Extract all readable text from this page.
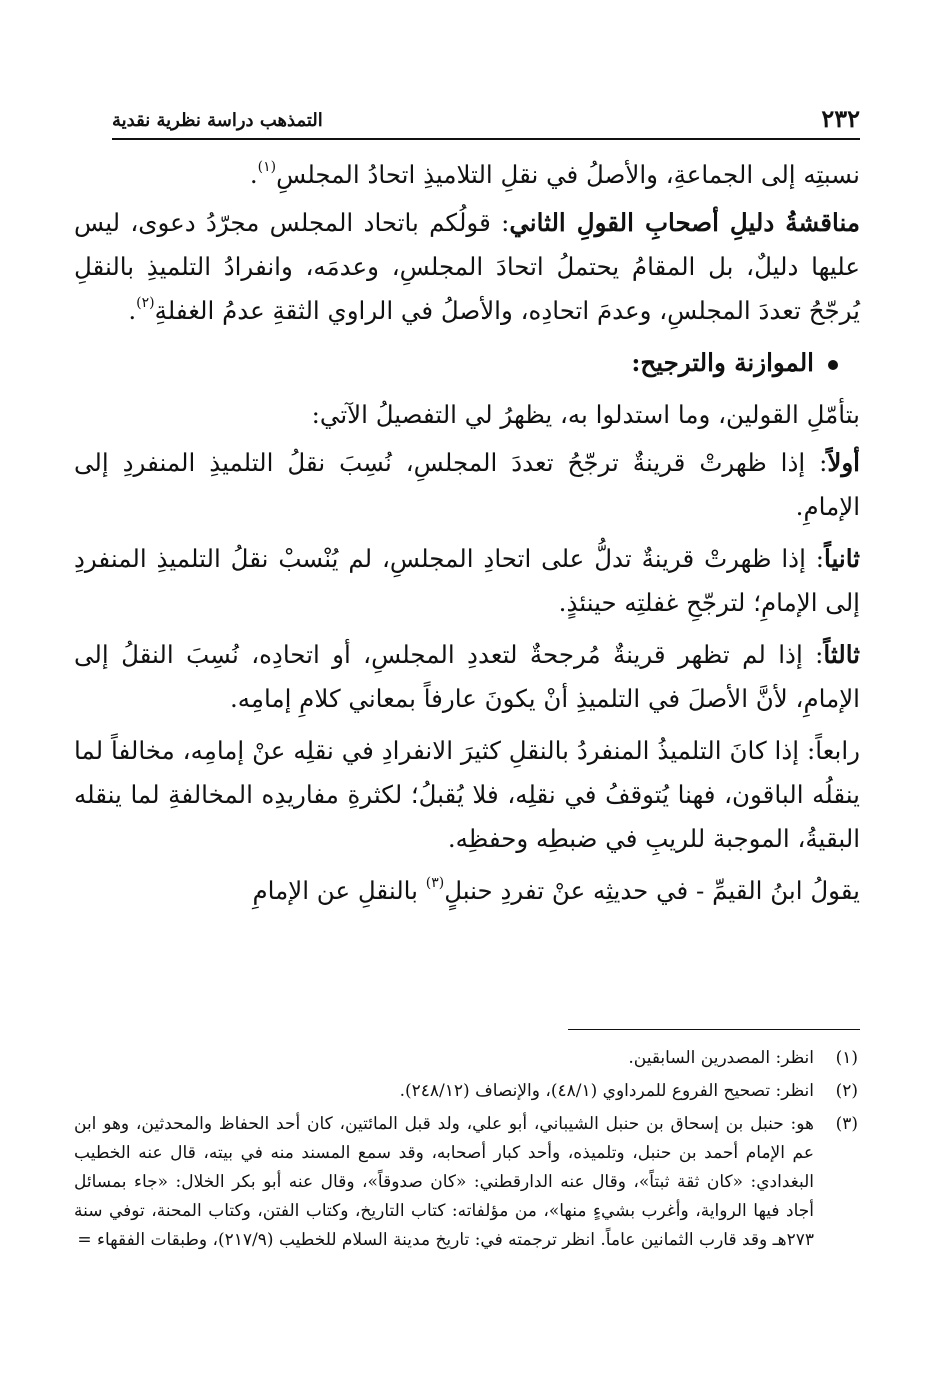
٢٣٢
التمذهب دراسة نظرية نقدية

نسبتِه إلى الجماعةِ، والأصلُ في نقلِ التلاميذِ اتحادُ المجلسِ$^{(١)}$.

مناقشةُ دليلِ أصحابِ القولِ الثاني: قولُكم باتحاد المجلس مجرّدُ دعوى، ليس عليها دليلٌ، بل المقامُ يحتملُ اتحادَ المجلسِ، وعدمَه، وانفرادُ التلميذِ بالنقلِ يُرجّحُ تعددَ المجلسِ، وعدمَ اتحادِه، والأصلُ في الراوي الثقةِ عدمُ الغفلةِ$^{(٢)}$.

الموازنة والترجيح:

بتأمّلِ القولين، وما استدلوا به، يظهرُ لي التفصيلُ الآتي:

أولاً: إذا ظهرتْ قرينةٌ ترجّحُ تعددَ المجلسِ، نُسِبَ نقلُ التلميذِ المنفردِ إلى الإمامِ.

ثانياً: إذا ظهرتْ قرينةٌ تدلُّ على اتحادِ المجلسِ، لم يُنْسبْ نقلُ التلميذِ المنفردِ إلى الإمامِ؛ لترجّحِ غفلتِه حينئذٍ.

ثالثاً: إذا لم تظهر قرينةٌ مُرجحةٌ لتعددِ المجلسِ، أو اتحادِه، نُسِبَ النقلُ إلى الإمامِ، لأنَّ الأصلَ في التلميذِ أنْ يكونَ عارفاً بمعاني كلامِ إمامِه.

رابعاً: إذا كانَ التلميذُ المنفردُ بالنقلِ كثيرَ الانفرادِ في نقلِه عنْ إمامِه، مخالفاً لما ينقلُه الباقون، فهنا يُتوقفُ في نقلِه، فلا يُقبلُ؛ لكثرةِ مفاريدِه المخالفةِ لما ينقله البقيةُ، الموجبة للريبِ في ضبطِه وحفظِه.

يقولُ ابنُ القيمِّ - في حديثِه عنْ تفردِ حنبلٍ$^{(٣)}$ بالنقلِ عن الإمامِ

(١)
انظر: المصدرين السابقين.
(٢)
انظر: تصحيح الفروع للمرداوي (٤٨/١)، والإنصاف (٢٤٨/١٢).
(٣)
هو: حنبل بن إسحاق بن حنبل الشيباني، أبو علي، ولد قبل المائتين، كان أحد الحفاظ والمحدثين، وهو ابن عم الإمام أحمد بن حنبل، وتلميذه، وأحد كبار أصحابه، وقد سمع المسند منه في بيته، قال عنه الخطيب البغدادي: «كان ثقة ثبتاً»، وقال عنه الدارقطني: «كان صدوقاً»، وقال عنه أبو بكر الخلال: «جاء بمسائل أجاد فيها الرواية، وأغرب بشيءٍ منها»، من مؤلفاته: كتاب التاريخ، وكتاب الفتن، وكتاب المحنة، توفي سنة ٢٧٣هـ وقد قارب الثمانين عاماً. انظر ترجمته في: تاريخ مدينة السلام للخطيب (٢١٧/٩)، وطبقات الفقهاء =
